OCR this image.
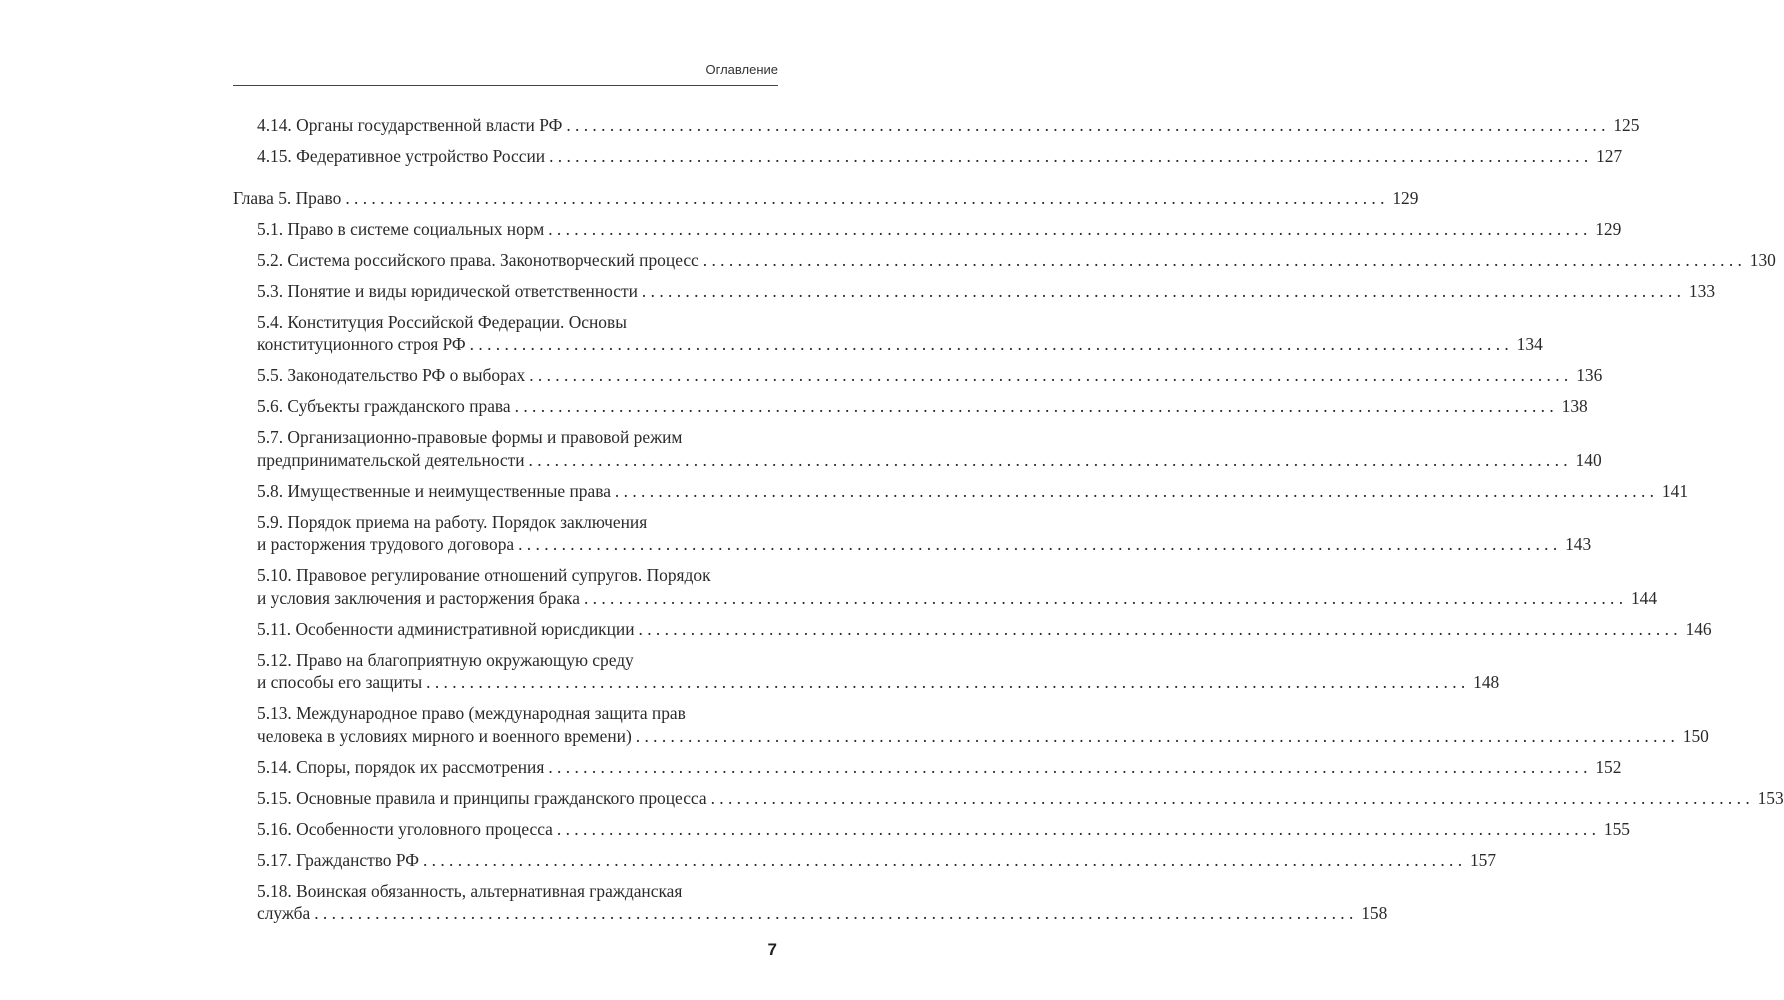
Оглавление
4.14. Органы государственной власти РФ . . . . . . . . . . . . . . . . . . . . . . . . . . . . . . . . . . . . . . . . . . . . . . . . . . . . . . . . . . . . . . . . . . . . . . . . . . . . . . . . . . . . . . . . . . . . . . . . . . . . . . . . . . . . . . . . . . . . . . . . 125
4.15. Федеративное устройство России . . . . . . . . . . . . . . . . . . . . . . . . . . . . . . . . . . . . . . . . . . . . . . . . . . . . . . . . . . . . . . . . . . . . . . . . . . . . . . . . . . . . . . . . . . . . . . . . . . . . . . . . . . . . . . . . . . . . . . . . 127
Глава 5. Право . . . . . . . . . . . . . . . . . . . . . . . . . . . . . . . . . . . . . . . . . . . . . . . . . . . . . . . . . . . . . . . . . . . . . . . . . . . . . . . . . . . . . . . . . . . . . . . . . . . . . . . . . . . . . . . . . . . . . . . . 129
5.1. Право в системе социальных норм . . . . . . . . . . . . . . . . . . . . . . . . . . . . . . . . . . . . . . . . . . . . . . . . . . . . . . . . . . . . . . . . . . . . . . . . . . . . . . . . . . . . . . . . . . . . . . . . . . . . . . . . . . . . . . . . . . . . . . . . 129
5.2. Система российского права. Законотворческий процесс . . . . . . . . . . . . . . . . . . . . . . . . . . . . . . . . . . . . . . . . . . . . . . . . . . . . . . . . . . . . . . . . . . . . . . . . . . . . . . . . . . . . . . . . . . . . . . . . . . . . . . . . . . . . . . . . . . . . . . . . 130
5.3. Понятие и виды юридической ответственности . . . . . . . . . . . . . . . . . . . . . . . . . . . . . . . . . . . . . . . . . . . . . . . . . . . . . . . . . . . . . . . . . . . . . . . . . . . . . . . . . . . . . . . . . . . . . . . . . . . . . . . . . . . . . . . . . . . . . . . . 133
5.4. Конституция Российской Федерации. Основы
конституционного строя РФ . . . . . . . . . . . . . . . . . . . . . . . . . . . . . . . . . . . . . . . . . . . . . . . . . . . . . . . . . . . . . . . . . . . . . . . . . . . . . . . . . . . . . . . . . . . . . . . . . . . . . . . . . . . . . . . . . . . . . . . . 134
5.5. Законодательство РФ о выборах . . . . . . . . . . . . . . . . . . . . . . . . . . . . . . . . . . . . . . . . . . . . . . . . . . . . . . . . . . . . . . . . . . . . . . . . . . . . . . . . . . . . . . . . . . . . . . . . . . . . . . . . . . . . . . . . . . . . . . . . 136
5.6. Субъекты гражданского права . . . . . . . . . . . . . . . . . . . . . . . . . . . . . . . . . . . . . . . . . . . . . . . . . . . . . . . . . . . . . . . . . . . . . . . . . . . . . . . . . . . . . . . . . . . . . . . . . . . . . . . . . . . . . . . . . . . . . . . . 138
5.7. Организационно-правовые формы и правовой режим
предпринимательской деятельности . . . . . . . . . . . . . . . . . . . . . . . . . . . . . . . . . . . . . . . . . . . . . . . . . . . . . . . . . . . . . . . . . . . . . . . . . . . . . . . . . . . . . . . . . . . . . . . . . . . . . . . . . . . . . . . . . . . . . . . . 140
5.8. Имущественные и неимущественные права . . . . . . . . . . . . . . . . . . . . . . . . . . . . . . . . . . . . . . . . . . . . . . . . . . . . . . . . . . . . . . . . . . . . . . . . . . . . . . . . . . . . . . . . . . . . . . . . . . . . . . . . . . . . . . . . . . . . . . . . 141
5.9. Порядок приема на работу. Порядок заключения
и расторжения трудового договора . . . . . . . . . . . . . . . . . . . . . . . . . . . . . . . . . . . . . . . . . . . . . . . . . . . . . . . . . . . . . . . . . . . . . . . . . . . . . . . . . . . . . . . . . . . . . . . . . . . . . . . . . . . . . . . . . . . . . . . . 143
5.10. Правовое регулирование отношений супругов. Порядок
и условия заключения и расторжения брака . . . . . . . . . . . . . . . . . . . . . . . . . . . . . . . . . . . . . . . . . . . . . . . . . . . . . . . . . . . . . . . . . . . . . . . . . . . . . . . . . . . . . . . . . . . . . . . . . . . . . . . . . . . . . . . . . . . . . . . . 144
5.11. Особенности административной юрисдикции . . . . . . . . . . . . . . . . . . . . . . . . . . . . . . . . . . . . . . . . . . . . . . . . . . . . . . . . . . . . . . . . . . . . . . . . . . . . . . . . . . . . . . . . . . . . . . . . . . . . . . . . . . . . . . . . . . . . . . . . 146
5.12. Право на благоприятную окружающую среду
и способы его защиты . . . . . . . . . . . . . . . . . . . . . . . . . . . . . . . . . . . . . . . . . . . . . . . . . . . . . . . . . . . . . . . . . . . . . . . . . . . . . . . . . . . . . . . . . . . . . . . . . . . . . . . . . . . . . . . . . . . . . . . . 148
5.13. Международное право (международная защита прав
человека в условиях мирного и военного времени) . . . . . . . . . . . . . . . . . . . . . . . . . . . . . . . . . . . . . . . . . . . . . . . . . . . . . . . . . . . . . . . . . . . . . . . . . . . . . . . . . . . . . . . . . . . . . . . . . . . . . . . . . . . . . . . . . . . . . . . . 150
5.14. Споры, порядок их рассмотрения . . . . . . . . . . . . . . . . . . . . . . . . . . . . . . . . . . . . . . . . . . . . . . . . . . . . . . . . . . . . . . . . . . . . . . . . . . . . . . . . . . . . . . . . . . . . . . . . . . . . . . . . . . . . . . . . . . . . . . . . 152
5.15. Основные правила и принципы гражданского процесса . . . . . . . . . . . . . . . . . . . . . . . . . . . . . . . . . . . . . . . . . . . . . . . . . . . . . . . . . . . . . . . . . . . . . . . . . . . . . . . . . . . . . . . . . . . . . . . . . . . . . . . . . . . . . . . . . . . . . . . . 153
5.16. Особенности уголовного процесса . . . . . . . . . . . . . . . . . . . . . . . . . . . . . . . . . . . . . . . . . . . . . . . . . . . . . . . . . . . . . . . . . . . . . . . . . . . . . . . . . . . . . . . . . . . . . . . . . . . . . . . . . . . . . . . . . . . . . . . . 155
5.17. Гражданство РФ . . . . . . . . . . . . . . . . . . . . . . . . . . . . . . . . . . . . . . . . . . . . . . . . . . . . . . . . . . . . . . . . . . . . . . . . . . . . . . . . . . . . . . . . . . . . . . . . . . . . . . . . . . . . . . . . . . . . . . . . 157
5.18. Воинская обязанность, альтернативная гражданская
служба . . . . . . . . . . . . . . . . . . . . . . . . . . . . . . . . . . . . . . . . . . . . . . . . . . . . . . . . . . . . . . . . . . . . . . . . . . . . . . . . . . . . . . . . . . . . . . . . . . . . . . . . . . . . . . . . . . . . . . . . 158
7
